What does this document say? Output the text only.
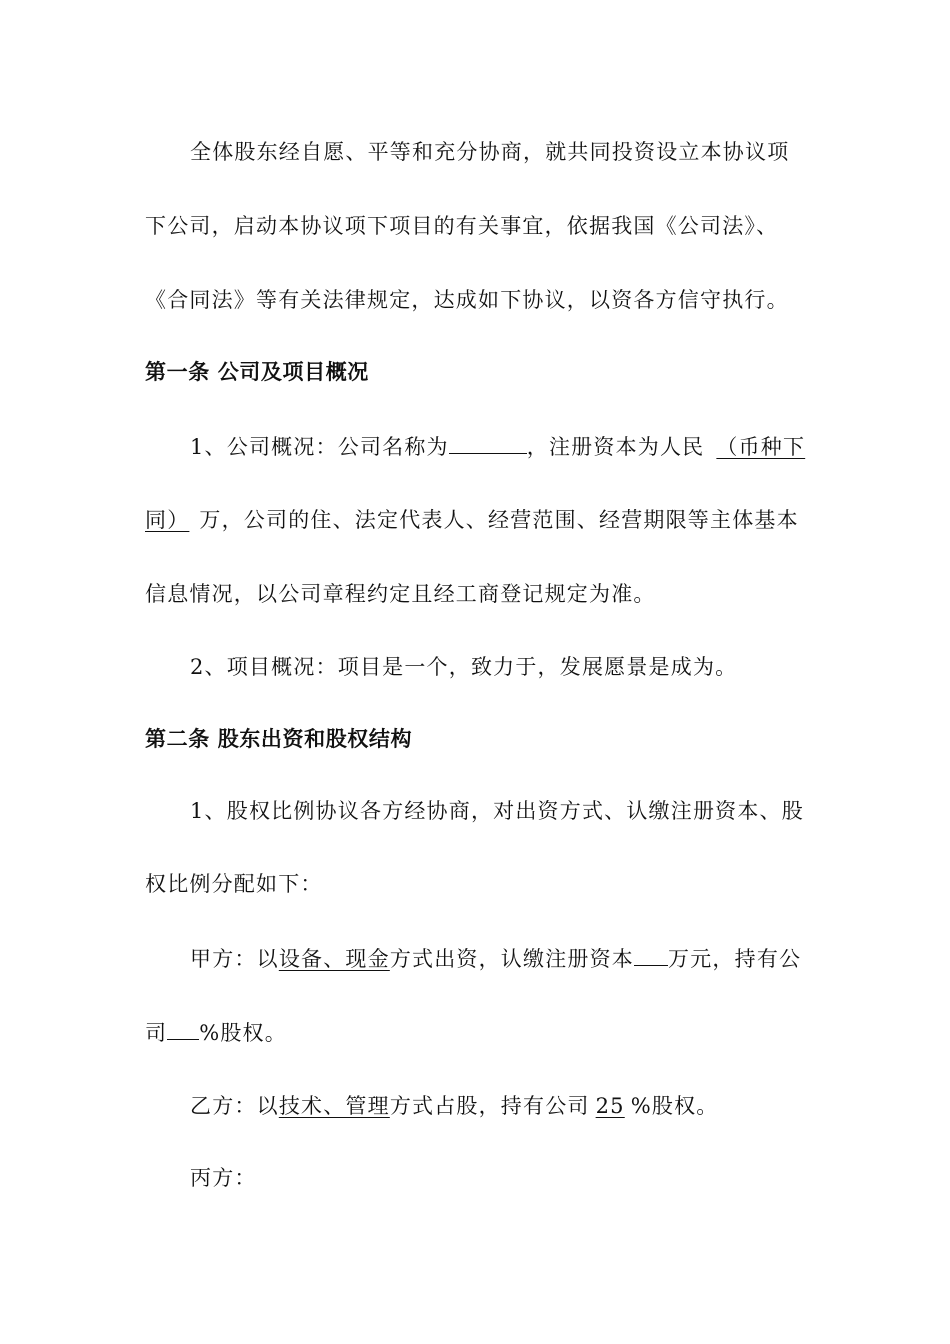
全体股东经自愿、平等和充分协商，就共同投资设立本协议项
下公司，启动本协议项下项目的有关事宜，依据我国《公司法》、
《合同法》等有关法律规定，达成如下协议，以资各方信守执行。
第一条 公司及项目概况
1、公司概况：公司名称为	，注册资本为人民 （币种下
同） 万，公司的住、法定代表人、经营范围、经营期限等主体基本
信息情况，以公司章程约定且经工商登记规定为准。
2、项目概况：项目是一个，致力于，发展愿景是成为。
第二条 股东出资和股权结构
1、股权比例协议各方经协商，对出资方式、认缴注册资本、股
权比例分配如下：
甲方：以设备、现金方式出资，认缴注册资本 万元，持有公
司 %股权。
乙方：以技术、管理方式占股，持有公司 25 %股权。
丙方：
